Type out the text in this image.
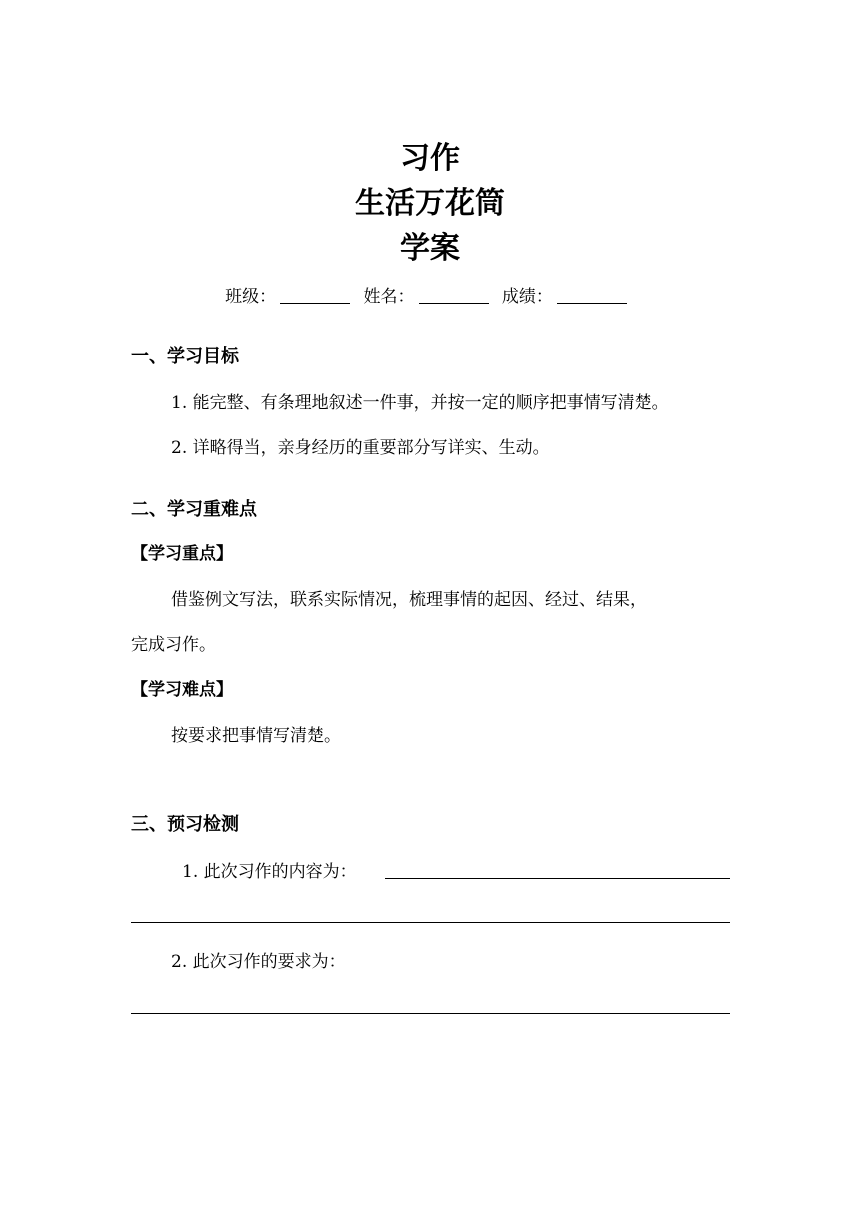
习作
生活万花筒
学案
班级：	姓名：	成绩：
一、学习目标
1. 能完整、有条理地叙述一件事，并按一定的顺序把事情写清楚。
2. 详略得当，亲身经历的重要部分写详实、生动。
二、学习重难点
【学习重点】
借鉴例文写法，联系实际情况，梳理事情的起因、经过、结果，
完成习作。
【学习难点】
按要求把事情写清楚。
三、预习检测
1. 此次习作的内容为：
2. 此次习作的要求为：
